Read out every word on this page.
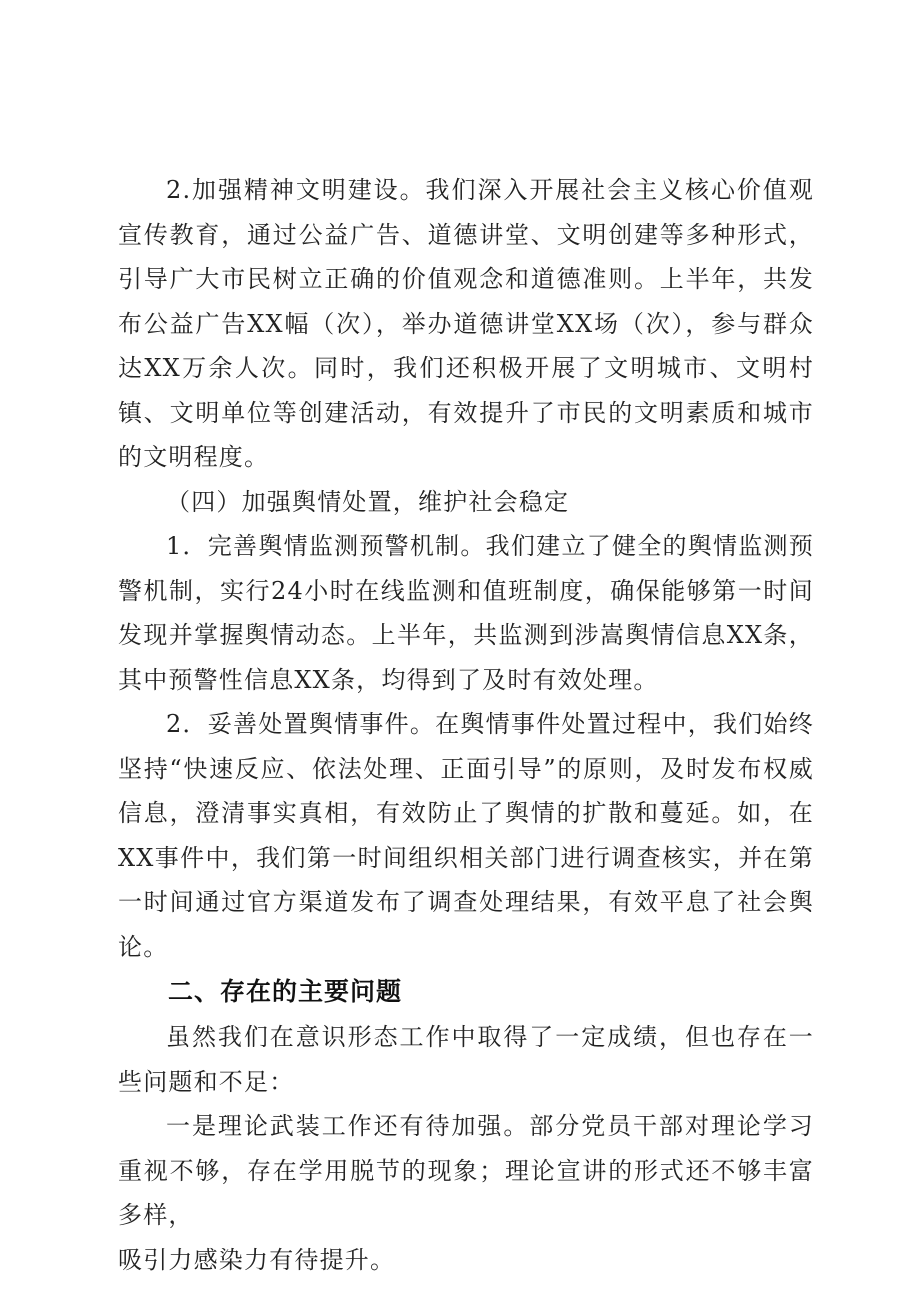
2.加强精神文明建设。我们深入开展社会主义核心价值观宣传教育，通过公益广告、道德讲堂、文明创建等多种形式，引导广大市民树立正确的价值观念和道德准则。上半年，共发布公益广告XX幅（次），举办道德讲堂XX场（次），参与群众达XX万余人次。同时，我们还积极开展了文明城市、文明村镇、文明单位等创建活动，有效提升了市民的文明素质和城市的文明程度。

（四）加强舆情处置，维护社会稳定

1．完善舆情监测预警机制。我们建立了健全的舆情监测预警机制，实行24小时在线监测和值班制度，确保能够第一时间发现并掌握舆情动态。上半年，共监测到涉嵩舆情信息XX条，其中预警性信息XX条，均得到了及时有效处理。

2．妥善处置舆情事件。在舆情事件处置过程中，我们始终坚持“快速反应、依法处理、正面引导”的原则，及时发布权威信息，澄清事实真相，有效防止了舆情的扩散和蔓延。如，在XX事件中，我们第一时间组织相关部门进行调查核实，并在第一时间通过官方渠道发布了调查处理结果，有效平息了社会舆论。

二、存在的主要问题

虽然我们在意识形态工作中取得了一定成绩，但也存在一些问题和不足：

一是理论武装工作还有待加强。部分党员干部对理论学习重视不够，存在学用脱节的现象；理论宣讲的形式还不够丰富多样，

吸引力感染力有待提升。
